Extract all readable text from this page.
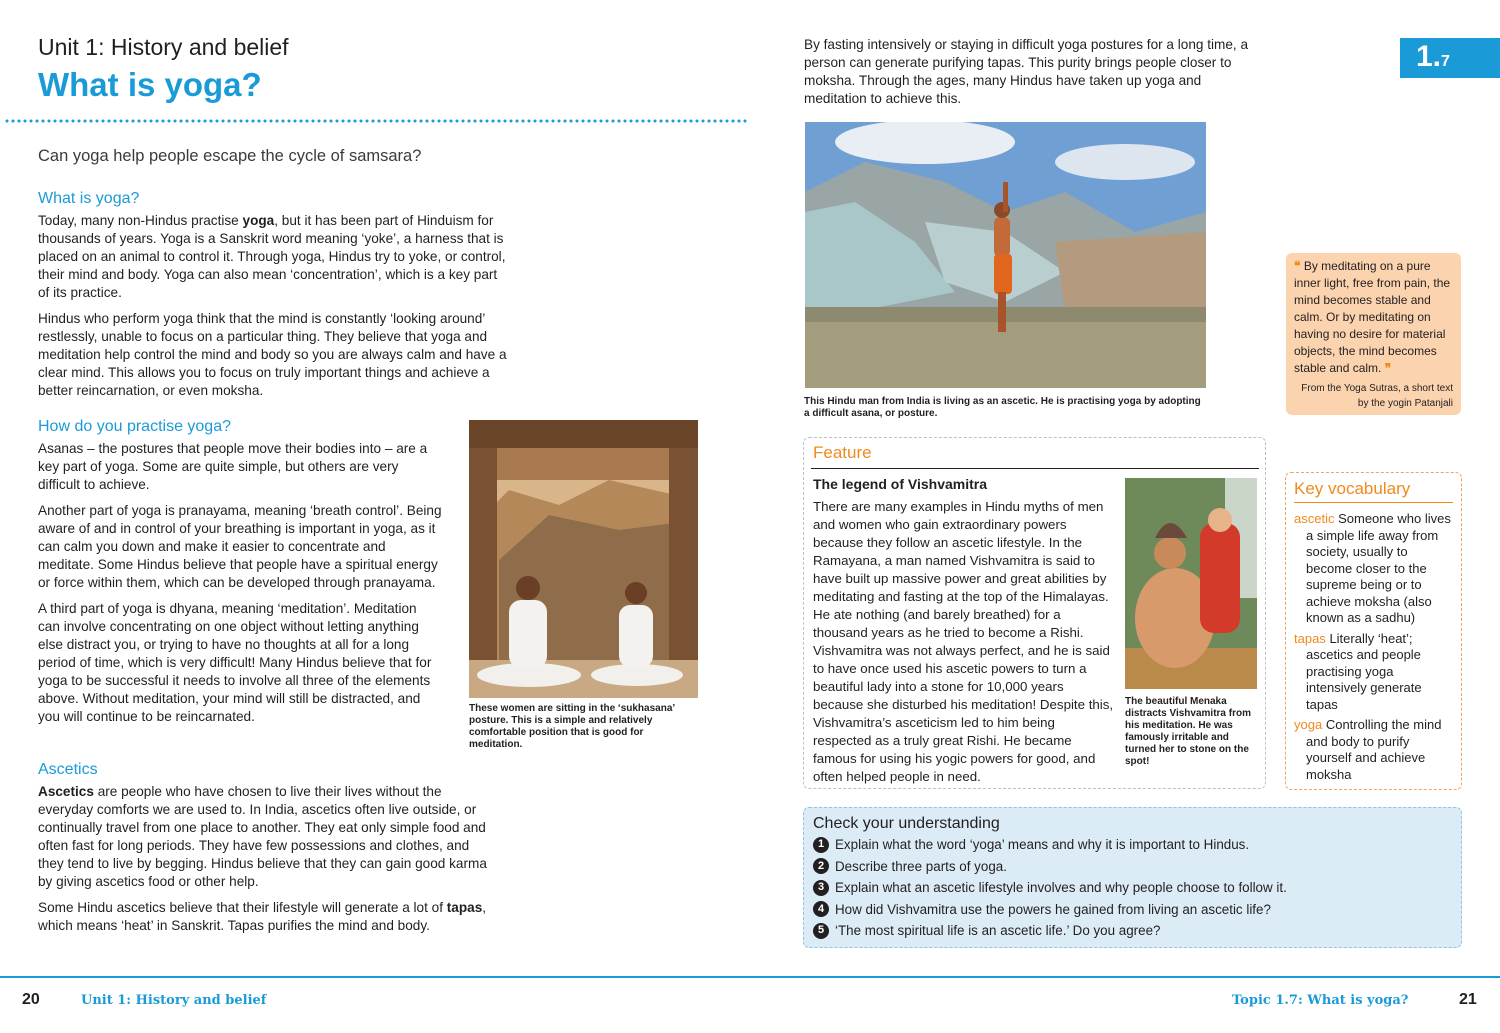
Unit 1: History and belief
What is yoga?
Can yoga help people escape the cycle of samsara?
What is yoga?

Today, many non-Hindus practise yoga, but it has been part of Hinduism for thousands of years. Yoga is a Sanskrit word meaning ‘yoke’, a harness that is placed on an animal to control it. Through yoga, Hindus try to yoke, or control, their mind and body. Yoga can also mean ‘concentration’, which is a key part of its practice.

Hindus who perform yoga think that the mind is constantly ‘looking around’ restlessly, unable to focus on a particular thing. They believe that yoga and meditation help control the mind and body so you are always calm and have a clear mind. This allows you to focus on truly important things and achieve a better reincarnation, or even moksha.

How do you practise yoga?

Asanas – the postures that people move their bodies into – are a key part of yoga. Some are quite simple, but others are very difficult to achieve.

Another part of yoga is pranayama, meaning ‘breath control’. Being aware of and in control of your breathing is important in yoga, as it can calm you down and make it easier to concentrate and meditate. Some Hindus believe that people have a spiritual energy or force within them, which can be developed through pranayama.

A third part of yoga is dhyana, meaning ‘meditation’. Meditation can involve concentrating on one object without letting anything else distract you, or trying to have no thoughts at all for a long period of time, which is very difficult! Many Hindus believe that for yoga to be successful it needs to involve all three of the elements above. Without meditation, your mind will still be distracted, and you will continue to be reincarnated.

These women are sitting in the ‘sukhasana’ posture. This is a simple and relatively comfortable position that is good for meditation.
Ascetics

Ascetics are people who have chosen to live their lives without the everyday comforts we are used to. In India, ascetics often live outside, or continually travel from one place to another. They eat only simple food and often fast for long periods. They have few possessions and clothes, and they tend to live by begging. Hindus believe that they can gain good karma by giving ascetics food or other help.

Some Hindu ascetics believe that their lifestyle will generate a lot of tapas, which means ‘heat’ in Sanskrit. Tapas purifies the mind and body.

By fasting intensively or staying in difficult yoga postures for a long time, a person can generate purifying tapas. This purity brings people closer to moksha. Through the ages, many Hindus have taken up yoga and meditation to achieve this.
1.7
This Hindu man from India is living as an ascetic. He is practising yoga by adopting a difficult asana, or posture.
❝ By meditating on a pure inner light, free from pain, the mind becomes stable and calm. Or by meditating on having no desire for material objects, the mind becomes stable and calm. ❞
From the Yoga Sutras, a short text by the yogin Patanjali
Feature
The legend of Vishvamitra
There are many examples in Hindu myths of men and women who gain extraordinary powers because they follow an ascetic lifestyle. In the Ramayana, a man named Vishvamitra is said to have built up massive power and great abilities by meditating and fasting at the top of the Himalayas. He ate nothing (and barely breathed) for a thousand years as he tried to become a Rishi. Vishvamitra was not always perfect, and he is said to have once used his ascetic powers to turn a beautiful lady into a stone for 10,000 years because she disturbed his meditation! Despite this, Vishvamitra’s asceticism led to him being respected as a truly great Rishi. He became famous for using his yogic powers for good, and often helped people in need.
The beautiful Menaka distracts Vishvamitra from his meditation. He was famously irritable and turned her to stone on the spot!
Key vocabulary
ascetic Someone who lives a simple life away from society, usually to become closer to the supreme being or to achieve moksha (also known as a sadhu)
tapas Literally ‘heat’; ascetics and people practising yoga intensively generate tapas
yoga Controlling the mind and body to purify yourself and achieve moksha
Check your understanding
1 Explain what the word ‘yoga’ means and why it is important to Hindus.
2 Describe three parts of yoga.
3 Explain what an ascetic lifestyle involves and why people choose to follow it.
4 How did Vishvamitra use the powers he gained from living an ascetic life?
5 ‘The most spiritual life is an ascetic life.’ Do you agree?
20	Unit 1: History and belief	Topic 1.7: What is yoga?	21
